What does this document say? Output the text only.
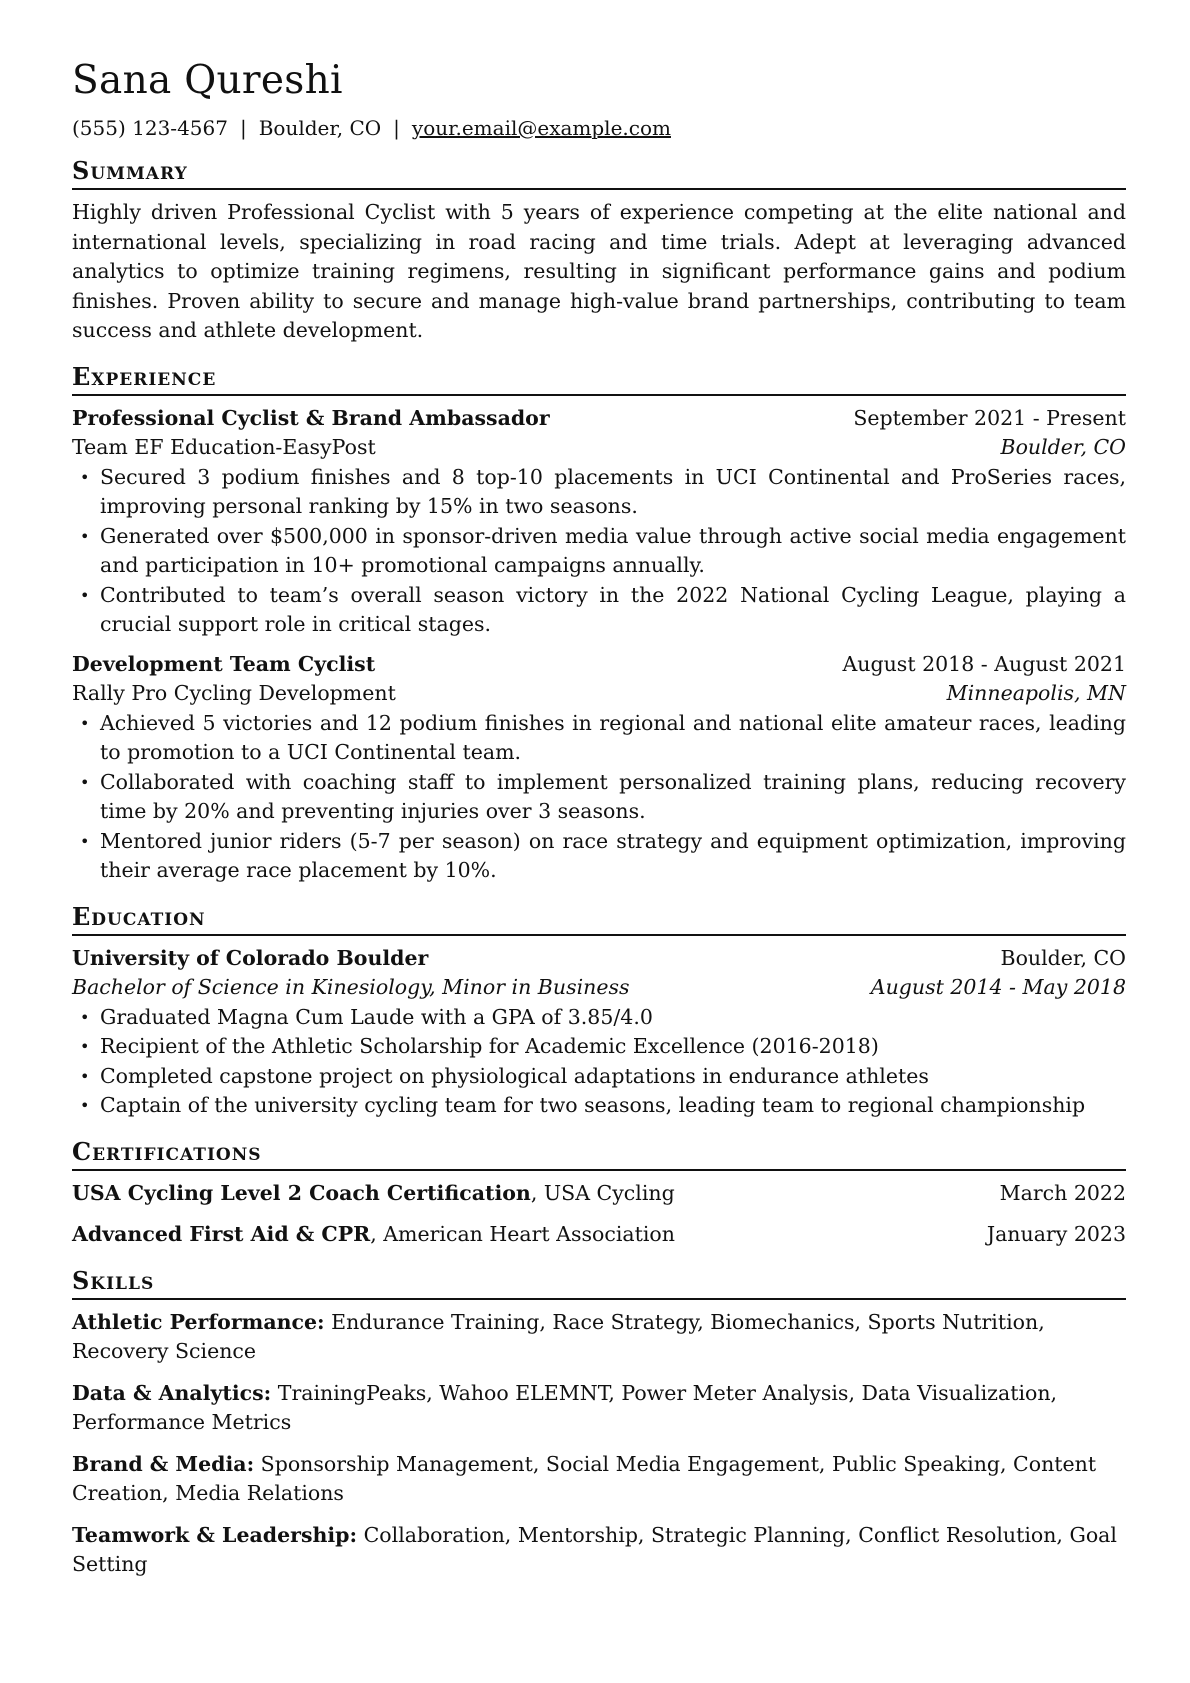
Sana Qureshi
(555) 123-4567 | Boulder, CO | your.email@example.com
Summary
Highly driven Professional Cyclist with 5 years of experience competing at the elite national and international levels, specializing in road racing and time trials. Adept at leveraging advanced analytics to optimize training regimens, resulting in significant performance gains and podium finishes. Proven ability to secure and manage high-value brand partnerships, contributing to team success and athlete development.
Experience
Professional Cyclist & Brand Ambassador	September 2021 - Present
Team EF Education-EasyPost	Boulder, CO
• Secured 3 podium finishes and 8 top-10 placements in UCI Continental and ProSeries races, improving personal ranking by 15% in two seasons.
• Generated over $500,000 in sponsor-driven media value through active social media engagement and participation in 10+ promotional campaigns annually.
• Contributed to team’s overall season victory in the 2022 National Cycling League, playing a crucial support role in critical stages.
Development Team Cyclist	August 2018 - August 2021
Rally Pro Cycling Development	Minneapolis, MN
• Achieved 5 victories and 12 podium finishes in regional and national elite amateur races, leading to promotion to a UCI Continental team.
• Collaborated with coaching staff to implement personalized training plans, reducing recovery time by 20% and preventing injuries over 3 seasons.
• Mentored junior riders (5-7 per season) on race strategy and equipment optimization, improving their average race placement by 10%.
Education
University of Colorado Boulder	Boulder, CO
Bachelor of Science in Kinesiology, Minor in Business	August 2014 - May 2018
• Graduated Magna Cum Laude with a GPA of 3.85/4.0
• Recipient of the Athletic Scholarship for Academic Excellence (2016-2018)
• Completed capstone project on physiological adaptations in endurance athletes
• Captain of the university cycling team for two seasons, leading team to regional championship
Certifications
USA Cycling Level 2 Coach Certification, USA Cycling	March 2022
Advanced First Aid & CPR, American Heart Association	January 2023
Skills
Athletic Performance: Endurance Training, Race Strategy, Biomechanics, Sports Nutrition, Recovery Science
Data & Analytics: TrainingPeaks, Wahoo ELEMNT, Power Meter Analysis, Data Visualization, Performance Metrics
Brand & Media: Sponsorship Management, Social Media Engagement, Public Speaking, Content Creation, Media Relations
Teamwork & Leadership: Collaboration, Mentorship, Strategic Planning, Conflict Resolution, Goal Setting
